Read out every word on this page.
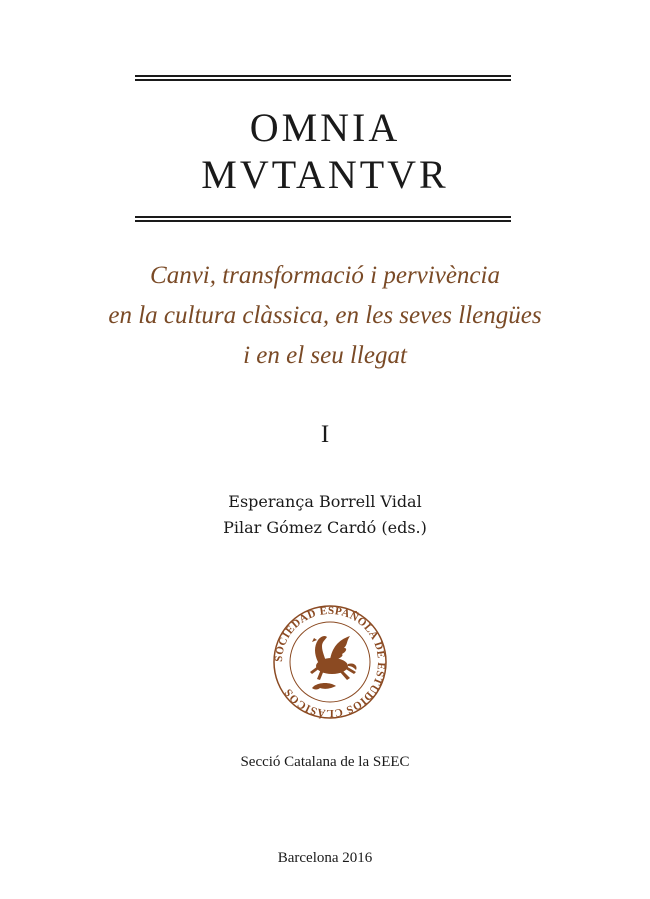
OMNIA
MVTANTVR
Canvi, transformació i pervivència
en la cultura clàssica, en les seves llengües
i en el seu llegat
I
Esperança Borrell Vidal
Pilar Gómez Cardó (eds.)
SOCIEDAD ESPAÑOLA DE ESTUDIOS CLÁSICOS
Secció Catalana de la SEEC
Barcelona 2016
